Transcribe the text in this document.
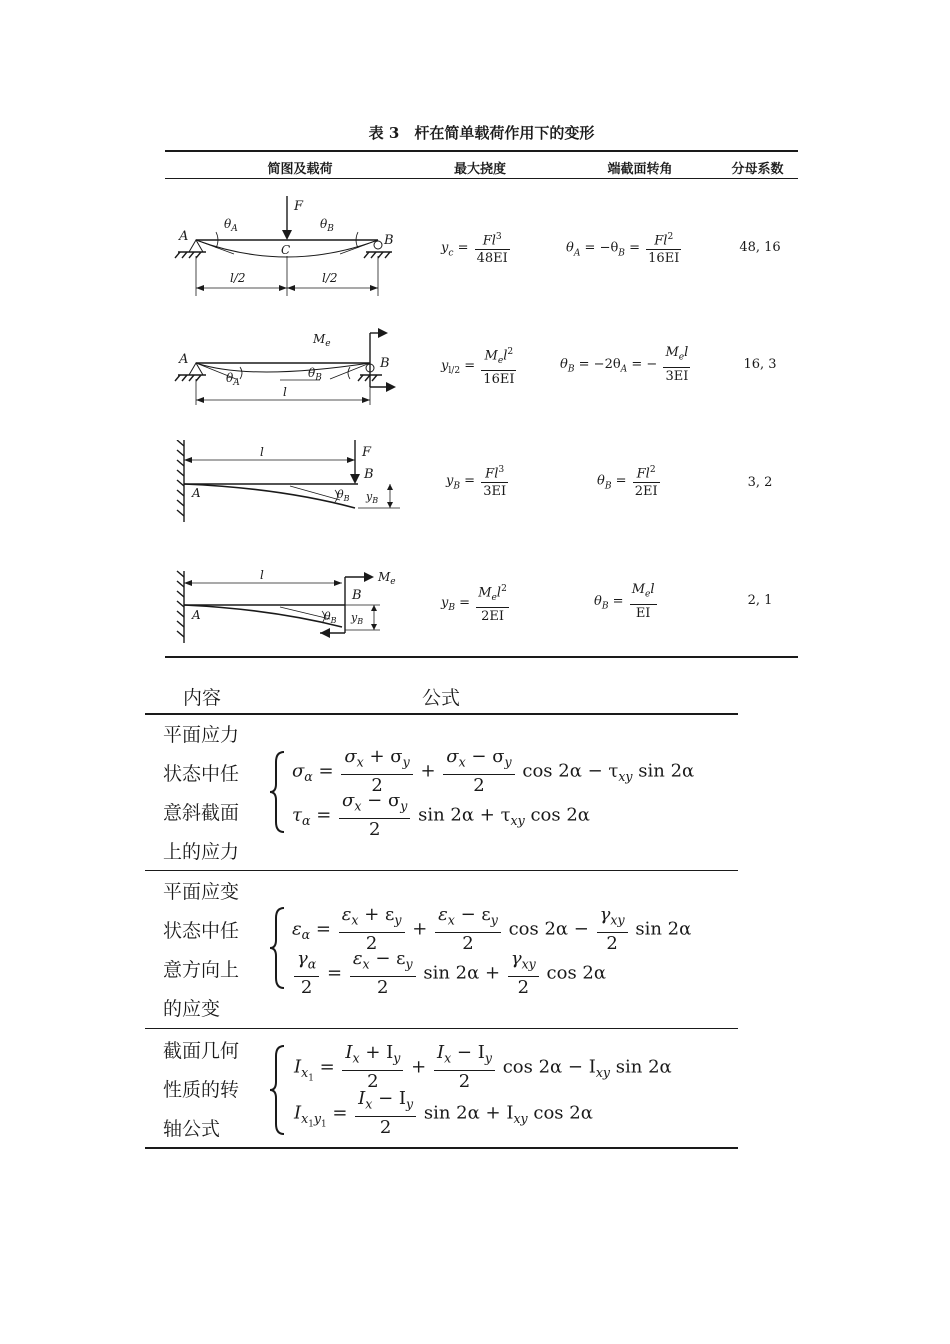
表 3　杆在简单载荷作用下的变形
简图及载荷	最大挠度	端截面转角	分母系数
A	B
C
F
$\theta_A$	$\theta_B$
l/2	l/2
$y_c = \frac{Fl^3}{48EI}$	$\theta_A = -\theta_B = \frac{Fl^2}{16EI}$	48, 16
A	B
$M_e$
$\theta_A$
$\theta_B$
l
$y_{l/2} = \frac{M_el^2}{16EI}$	$\theta_B = -2\theta_A$ = − $\frac{M_el}{3EI}$	16, 3
A
B
F
l
$\theta_B$ $y_B$
$y_B = \frac{Fl^3}{3EI}$	$\theta_B = \frac{Fl^2}{2EI}$	3, 2
A
B
$M_e$
l
$\theta_B$ $y_B$
$y_B = \frac{M_el^2}{2EI}$	$\theta_B = \frac{M_el}{EI}$	2, 1
内容	公式
平面应力
状态中任
意斜截面
上的应力
$\sigma_\alpha = \frac{\sigma_x + \sigma_y}{2} + \frac{\sigma_x - \sigma_y}{2}$ $\cos 2\alpha - \tau_{xy}$ sin 2α
$\tau_\alpha = \frac{\sigma_x - \sigma_y}{2}$ $\sin 2\alpha + \tau_{xy}$ cos 2α
平面应变
状态中任
意方向上
的应变
$\varepsilon_\alpha = \frac{\varepsilon_x + \varepsilon_y}{2} + \frac{\varepsilon_x - \varepsilon_y}{2}$ $\cos 2\alpha - \frac{\gamma_{xy}}{2}$ sin 2α
$\frac{\gamma_\alpha}{2} = \frac{\varepsilon_x - \varepsilon_y}{2}$ $\sin 2\alpha + \frac{\gamma_{xy}}{2}$ cos 2α
截面几何
性质的转
轴公式
$I_{x_1} = \frac{I_x + I_y}{2} + \frac{I_x - I_y}{2}$ $\cos 2\alpha - I_{xy}$ sin 2α
$I_{x_1y_1} = \frac{I_x - I_y}{2}$ $\sin 2\alpha + I_{xy}$ cos 2α
